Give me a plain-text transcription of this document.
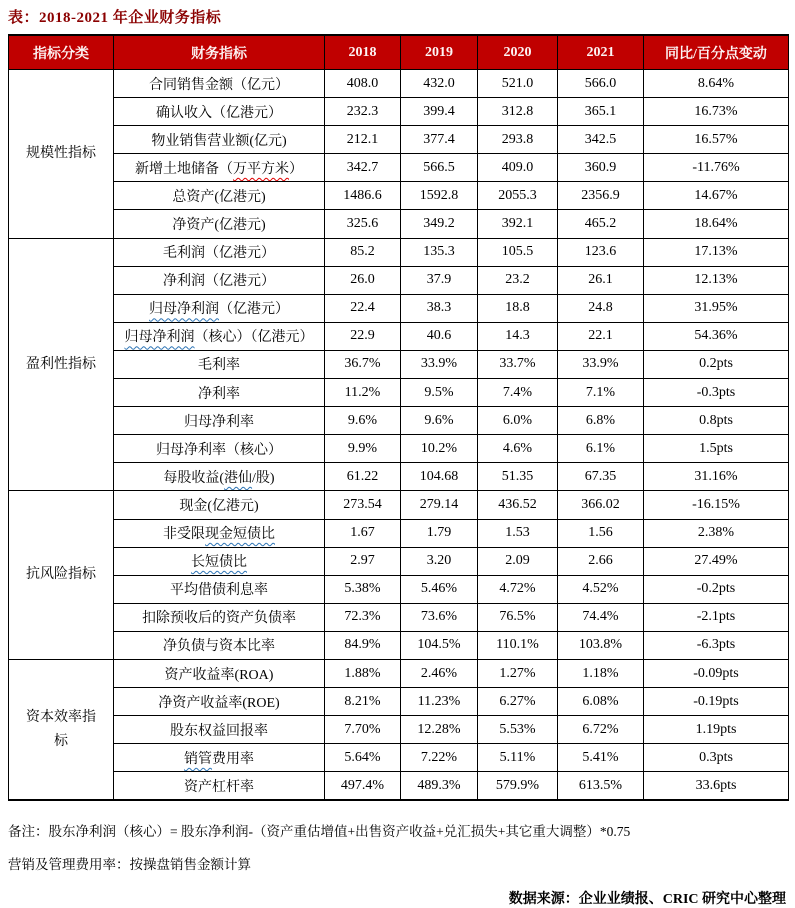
表：2018-2021 年企业财务指标
指标分类	财务指标	2018	2019	2020	2021	同比/百分点变动
规模性指标	合同销售金额（亿元）	408.0	432.0	521.0	566.0	8.64%
	确认收入（亿港元）	232.3	399.4	312.8	365.1	16.73%
	物业销售营业额(亿元)	212.1	377.4	293.8	342.5	16.57%
	新增土地储备（万平方米）	342.7	566.5	409.0	360.9	-11.76%
	总资产(亿港元)	1486.6	1592.8	2055.3	2356.9	14.67%
	净资产(亿港元)	325.6	349.2	392.1	465.2	18.64%
盈利性指标	毛利润（亿港元）	85.2	135.3	105.5	123.6	17.13%
	净利润（亿港元）	26.0	37.9	23.2	26.1	12.13%
	归母净利润（亿港元）	22.4	38.3	18.8	24.8	31.95%
	归母净利润（核心）（亿港元）	22.9	40.6	14.3	22.1	54.36%
	毛利率	36.7%	33.9%	33.7%	33.9%	0.2pts
	净利率	11.2%	9.5%	7.4%	7.1%	-0.3pts
	归母净利率	9.6%	9.6%	6.0%	6.8%	0.8pts
	归母净利率（核心）	9.9%	10.2%	4.6%	6.1%	1.5pts
	每股收益(港仙/股)	61.22	104.68	51.35	67.35	31.16%
抗风险指标	现金(亿港元)	273.54	279.14	436.52	366.02	-16.15%
	非受限现金短债比	1.67	1.79	1.53	1.56	2.38%
	长短债比	2.97	3.20	2.09	2.66	27.49%
	平均借债利息率	5.38%	5.46%	4.72%	4.52%	-0.2pts
	扣除预收后的资产负债率	72.3%	73.6%	76.5%	74.4%	-2.1pts
	净负债与资本比率	84.9%	104.5%	110.1%	103.8%	-6.3pts
资本效率指标	资产收益率(ROA)	1.88%	2.46%	1.27%	1.18%	-0.09pts
	净资产收益率(ROE)	8.21%	11.23%	6.27%	6.08%	-0.19pts
	股东权益回报率	7.70%	12.28%	5.53%	6.72%	1.19pts
	销管费用率	5.64%	7.22%	5.11%	5.41%	0.3pts
	资产杠杆率	497.4%	489.3%	579.9%	613.5%	33.6pts

备注：股东净利润（核心）= 股东净利润-（资产重估增值+出售资产收益+兑汇损失+其它重大调整）*0.75

营销及管理费用率：按操盘销售金额计算

数据来源：企业业绩报、CRIC 研究中心整理
